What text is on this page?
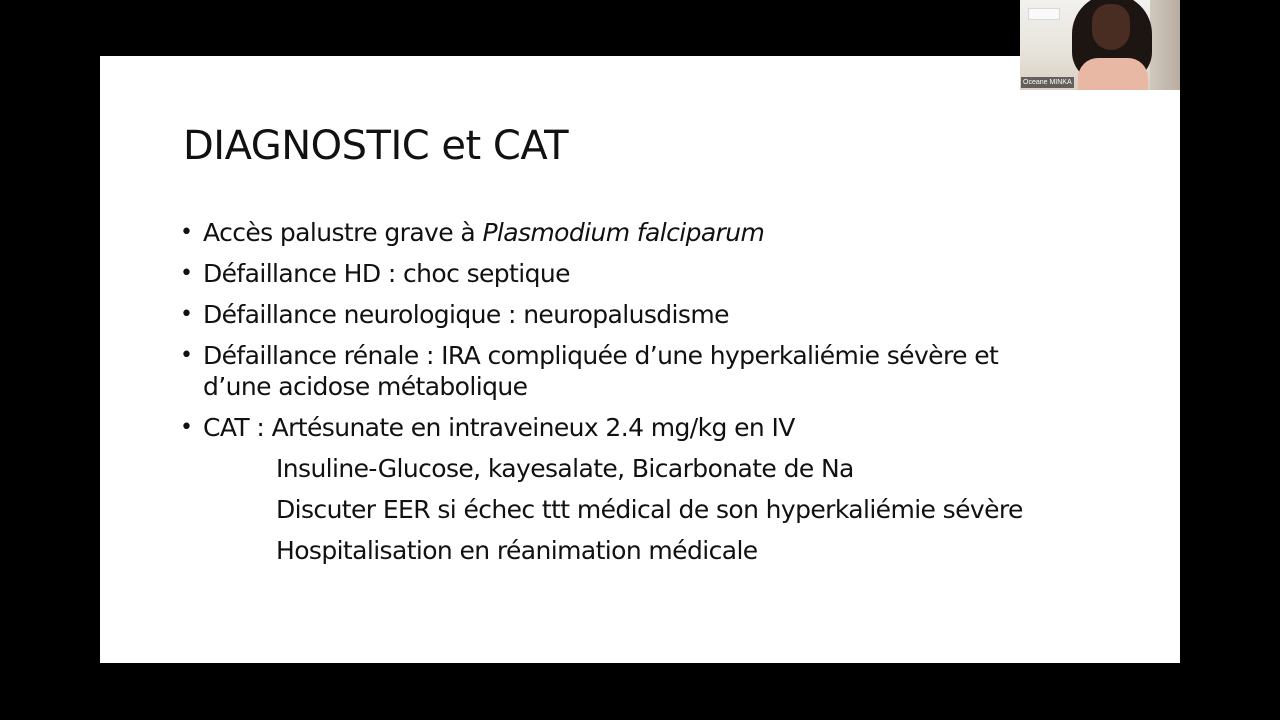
DIAGNOSTIC et CAT
• Accès palustre grave à Plasmodium falciparum
• Défaillance HD : choc septique
• Défaillance neurologique : neuropalusdisme
• Défaillance rénale : IRA compliquée d’une hyperkaliémie sévère et
d’une acidose métabolique
• CAT : Artésunate en intraveineux 2.4 mg/kg en IV
Insuline-Glucose, kayesalate, Bicarbonate de Na
Discuter EER si échec ttt médical de son hyperkaliémie sévère
Hospitalisation en réanimation médicale
Oceane MINKA
